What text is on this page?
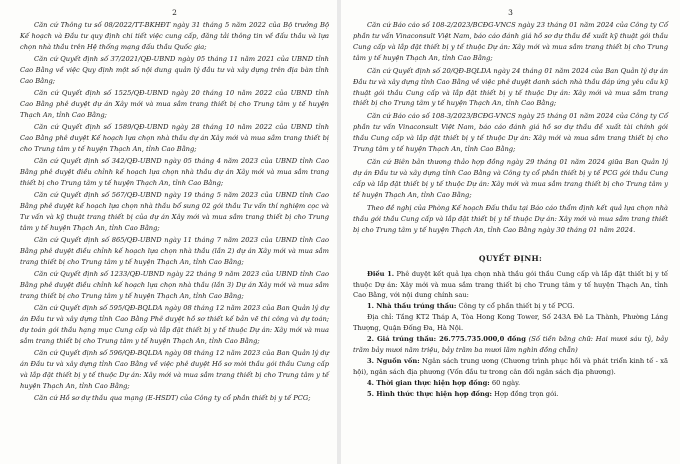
2

Căn cứ Thông tư số 08/2022/TT-BKHĐT ngày 31 tháng 5 năm 2022 của Bộ trưởng Bộ Kế hoạch và Đầu tư quy định chi tiết việc cung cấp, đăng tải thông tin về đấu thầu và lựa chọn nhà thầu trên Hệ thống mạng đấu thầu Quốc gia;

Căn cứ Quyết định số 37/2021/QĐ-UBND ngày 05 tháng 11 năm 2021 của UBND tỉnh Cao Bằng về việc Quy định một số nội dung quản lý đầu tư và xây dựng trên địa bàn tỉnh Cao Bằng;

Căn cứ Quyết định số 1525/QĐ-UBND ngày 20 tháng 10 năm 2022 của UBND tỉnh Cao Bằng phê duyệt dự án Xây mới và mua sắm trang thiết bị cho Trung tâm y tế huyện Thạch An, tỉnh Cao Bằng;

Căn cứ Quyết định số 1589/QĐ-UBND ngày 28 tháng 10 năm 2022 của UBND tỉnh Cao Bằng phê duyệt Kế hoạch lựa chọn nhà thầu dự án Xây mới và mua sắm trang thiết bị cho Trung tâm y tế huyện Thạch An, tỉnh Cao Bằng;

Căn cứ Quyết định số 342/QĐ-UBND ngày 05 tháng 4 năm 2023 của UBND tỉnh Cao Bằng phê duyệt điều chỉnh kế hoạch lựa chọn nhà thầu dự án Xây mới và mua sắm trang thiết bị cho Trung tâm y tế huyện Thạch An, tỉnh Cao Bằng;

Căn cứ Quyết định số 567/QĐ-UBND ngày 19 tháng 5 năm 2023 của UBND tỉnh Cao Bằng phê duyệt kế hoạch lựa chọn nhà thầu bổ sung 02 gói thầu Tư vấn thí nghiệm cọc và Tư vấn và kỹ thuật trang thiết bị của dự án Xây mới và mua sắm trang thiết bị cho Trung tâm y tế huyện Thạch An, tỉnh Cao Bằng;

Căn cứ Quyết định số 865/QĐ-UBND ngày 11 tháng 7 năm 2023 của UBND tỉnh Cao Bằng phê duyệt điều chỉnh kế hoạch lựa chọn nhà thầu (lần 2) dự án Xây mới và mua sắm trang thiết bị cho Trung tâm y tế huyện Thạch An, tỉnh Cao Bằng;

Căn cứ Quyết định số 1233/QĐ-UBND ngày 22 tháng 9 năm 2023 của UBND tỉnh Cao Bằng phê duyệt điều chỉnh kế hoạch lựa chọn nhà thầu (lần 3) Dự án Xây mới và mua sắm trang thiết bị cho Trung tâm y tế huyện Thạch An, tỉnh Cao Bằng;

Căn cứ Quyết định số 595/QĐ-BQLDA ngày 08 tháng 12 năm 2023 của Ban Quản lý dự án Đầu tư và xây dựng tỉnh Cao Bằng Phê duyệt hồ sơ thiết kế bản vẽ thi công và dự toán; dự toán gói thầu hạng mục Cung cấp và lắp đặt thiết bị y tế thuộc Dự án: Xây mới và mua sắm trang thiết bị cho Trung tâm y tế huyện Thạch An, tỉnh Cao Bằng;

Căn cứ Quyết định số 596/QĐ-BQLDA ngày 08 tháng 12 năm 2023 của Ban Quản lý dự án Đầu tư và xây dựng tỉnh Cao Bằng về việc phê duyệt Hồ sơ mời thầu gói thầu Cung cấp và lắp đặt thiết bị y tế thuộc Dự án: Xây mới và mua sắm trang thiết bị cho Trung tâm y tế huyện Thạch An, tỉnh Cao Bằng;

Căn cứ Hồ sơ dự thầu qua mạng (E-HSDT) của Công ty cổ phần thiết bị y tế PCG;

3

Căn cứ Báo cáo số 108-2/2023/BCĐG-VNCS ngày 23 tháng 01 năm 2024 của Công ty Cổ phần tư vấn Vinaconsult Việt Nam, báo cáo đánh giá hồ sơ dự thầu đề xuất kỹ thuật gói thầu Cung cấp và lắp đặt thiết bị y tế thuộc Dự án: Xây mới và mua sắm trang thiết bị cho Trung tâm y tế huyện Thạch An, tỉnh Cao Bằng;

Căn cứ Quyết định số 20/QĐ-BQLDA ngày 24 tháng 01 năm 2024 của Ban Quản lý dự án Đầu tư và xây dựng tỉnh Cao Bằng về việc phê duyệt danh sách nhà thầu đáp ứng yêu cầu kỹ thuật gói thầu Cung cấp và lắp đặt thiết bị y tế thuộc Dự án: Xây mới và mua sắm trang thiết bị cho Trung tâm y tế huyện Thạch An, tỉnh Cao Bằng;

Căn cứ Báo cáo số 108-3/2023/BCĐG-VNCS ngày 25 tháng 01 năm 2024 của Công ty Cổ phần tư vấn Vinaconsult Việt Nam, báo cáo đánh giá hồ sơ dự thầu đề xuất tài chính gói thầu Cung cấp và lắp đặt thiết bị y tế thuộc Dự án: Xây mới và mua sắm trang thiết bị cho Trung tâm y tế huyện Thạch An, tỉnh Cao Bằng;

Căn cứ Biên bản thương thảo hợp đồng ngày 29 tháng 01 năm 2024 giữa Ban Quản lý dự án Đầu tư và xây dựng tỉnh Cao Bằng và Công ty cổ phần thiết bị y tế PCG gói thầu Cung cấp và lắp đặt thiết bị y tế thuộc Dự án: Xây mới và mua sắm trang thiết bị cho Trung tâm y tế huyện Thạch An, tỉnh Cao Bằng;

Theo đề nghị của Phòng Kế hoạch Đấu thầu tại Báo cáo thẩm định kết quả lựa chọn nhà thầu gói thầu Cung cấp và lắp đặt thiết bị y tế thuộc Dự án: Xây mới và mua sắm trang thiết bị cho Trung tâm y tế huyện Thạch An, tỉnh Cao Bằng ngày 30 tháng 01 năm 2024.

QUYẾT ĐỊNH:

Điều 1. Phê duyệt kết quả lựa chọn nhà thầu gói thầu Cung cấp và lắp đặt thiết bị y tế thuộc Dự án: Xây mới và mua sắm trang thiết bị cho Trung tâm y tế huyện Thạch An, tỉnh Cao Bằng, với nội dung chính sau:

1. Nhà thầu trúng thầu: Công ty cổ phần thiết bị y tế PCG.

Địa chỉ: Tầng KT2 Tháp A, Tòa Hong Kong Tower, Số 243A Đê La Thành, Phường Láng Thượng, Quận Đống Đa, Hà Nội.

2. Giá trúng thầu: 26.775.735.000,0 đồng (Số tiền bằng chữ: Hai mươi sáu tỷ, bảy trăm bảy mươi năm triệu, bảy trăm ba mươi lăm nghìn đồng chẵn)

3. Nguồn vốn: Ngân sách trung ương (Chương trình phục hồi và phát triển kinh tế - xã hội), ngân sách địa phương (Vốn đầu tư trong cân đối ngân sách địa phương).

4. Thời gian thực hiện hợp đồng: 60 ngày.

5. Hình thức thực hiện hợp đồng: Hợp đồng trọn gói.
